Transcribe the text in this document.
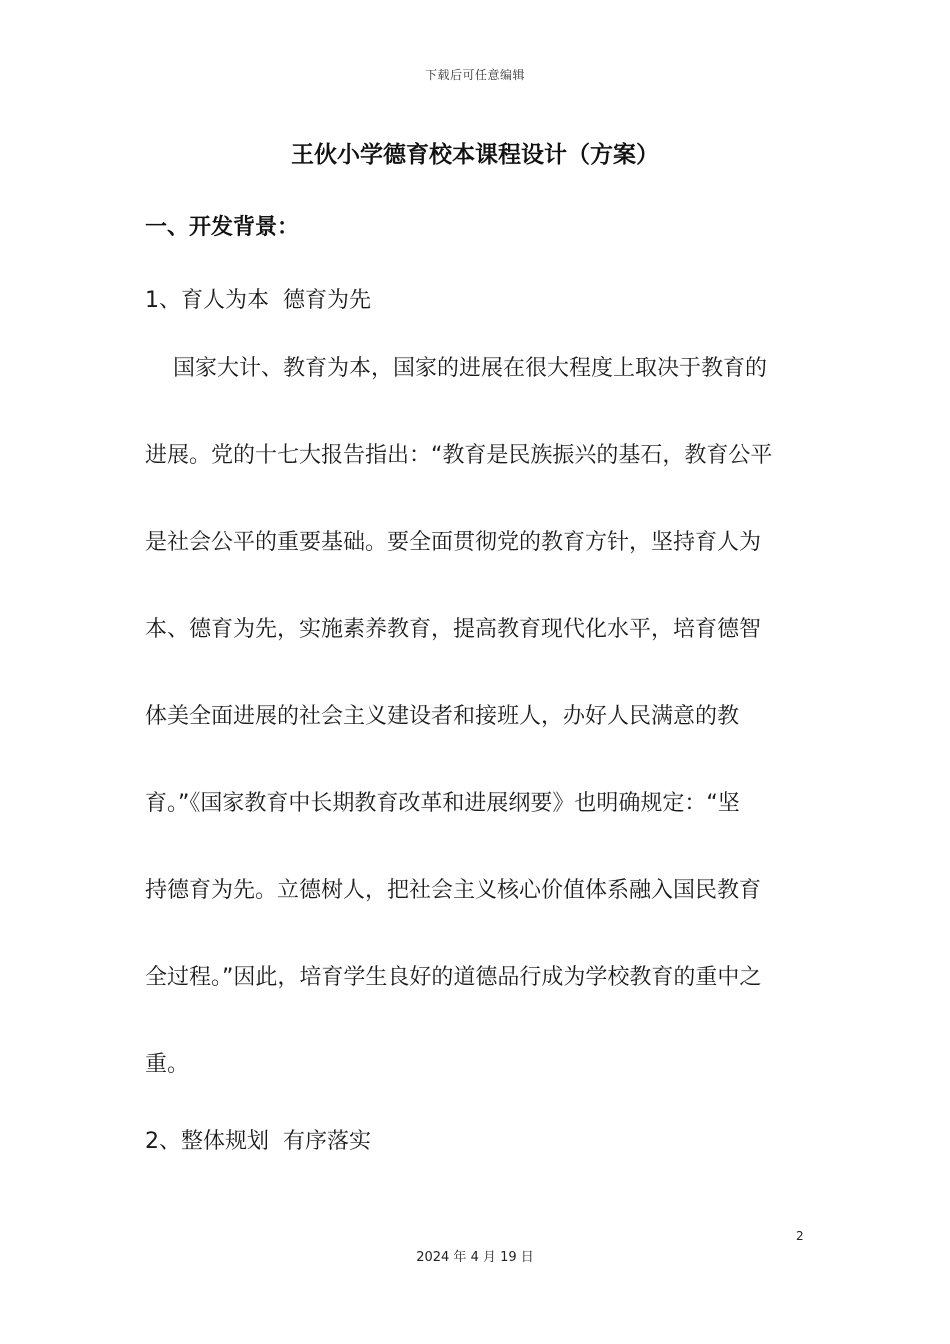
下载后可任意编辑
王伙小学德育校本课程设计（方案）
一、开发背景：
1、育人为本  德育为先
国家大计、教育为本，国家的进展在很大程度上取决于教育的
进展。党的十七大报告指出：“教育是民族振兴的基石，教育公平
是社会公平的重要基础。要全面贯彻党的教育方针，坚持育人为
本、德育为先，实施素养教育，提高教育现代化水平，培育德智
体美全面进展的社会主义建设者和接班人，办好人民满意的教
育。”《国家教育中长期教育改革和进展纲要》也明确规定：“坚
持德育为先。立德树人，把社会主义核心价值体系融入国民教育
全过程。”因此，培育学生良好的道德品行成为学校教育的重中之
重。
2、整体规划  有序落实
2
2024 年 4 月 19 日
